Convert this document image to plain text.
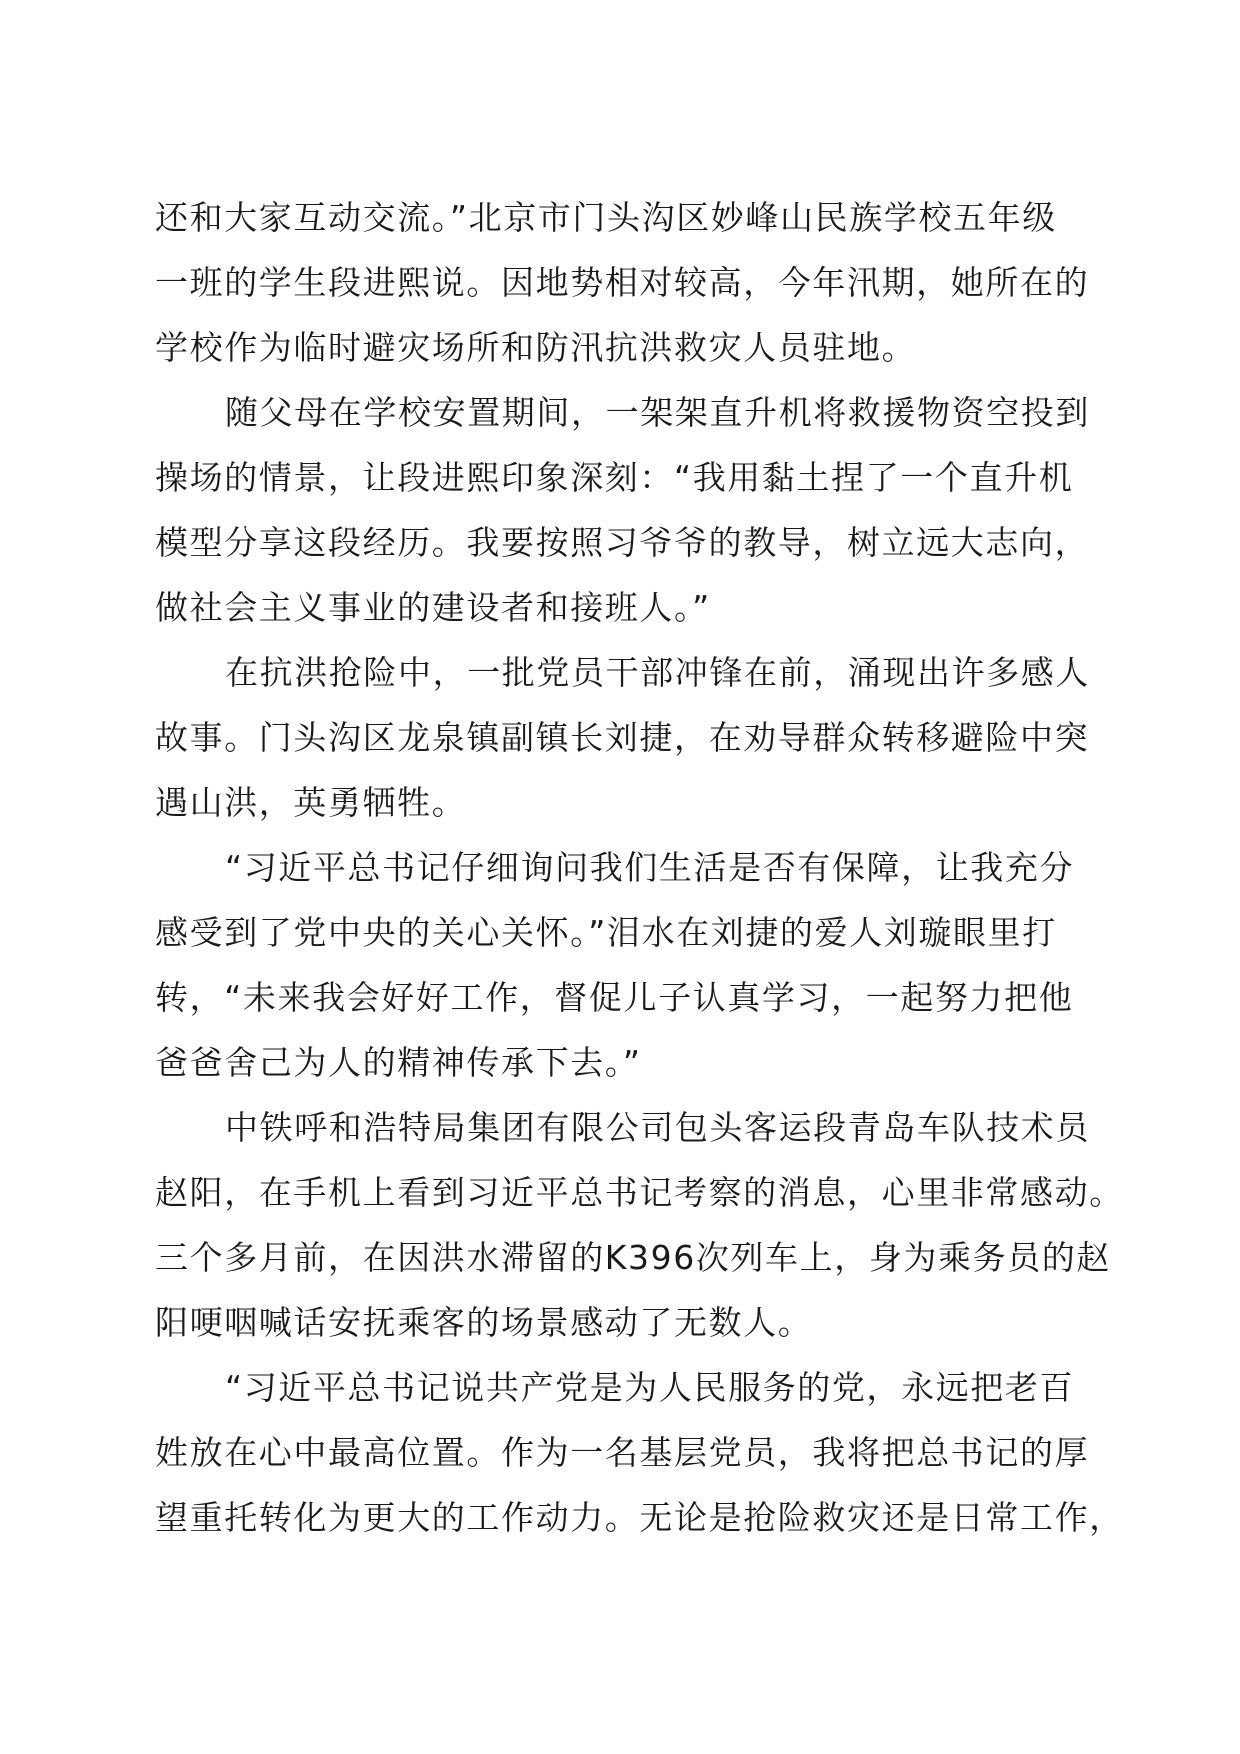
还和大家互动交流。”北京市门头沟区妙峰山民族学校五年级
一班的学生段进熙说。因地势相对较高，今年汛期，她所在的
学校作为临时避灾场所和防汛抗洪救灾人员驻地。
随父母在学校安置期间，一架架直升机将救援物资空投到
操场的情景，让段进熙印象深刻：“我用黏土捏了一个直升机
模型分享这段经历。我要按照习爷爷的教导，树立远大志向，
做社会主义事业的建设者和接班人。”
在抗洪抢险中，一批党员干部冲锋在前，涌现出许多感人
故事。门头沟区龙泉镇副镇长刘捷，在劝导群众转移避险中突
遇山洪，英勇牺牲。
“习近平总书记仔细询问我们生活是否有保障，让我充分
感受到了党中央的关心关怀。”泪水在刘捷的爱人刘璇眼里打
转，“未来我会好好工作，督促儿子认真学习，一起努力把他
爸爸舍己为人的精神传承下去。”
中铁呼和浩特局集团有限公司包头客运段青岛车队技术员
赵阳，在手机上看到习近平总书记考察的消息，心里非常感动。
三个多月前，在因洪水滞留的K396次列车上，身为乘务员的赵
阳哽咽喊话安抚乘客的场景感动了无数人。
“习近平总书记说共产党是为人民服务的党，永远把老百
姓放在心中最高位置。作为一名基层党员，我将把总书记的厚
望重托转化为更大的工作动力。无论是抢险救灾还是日常工作，
